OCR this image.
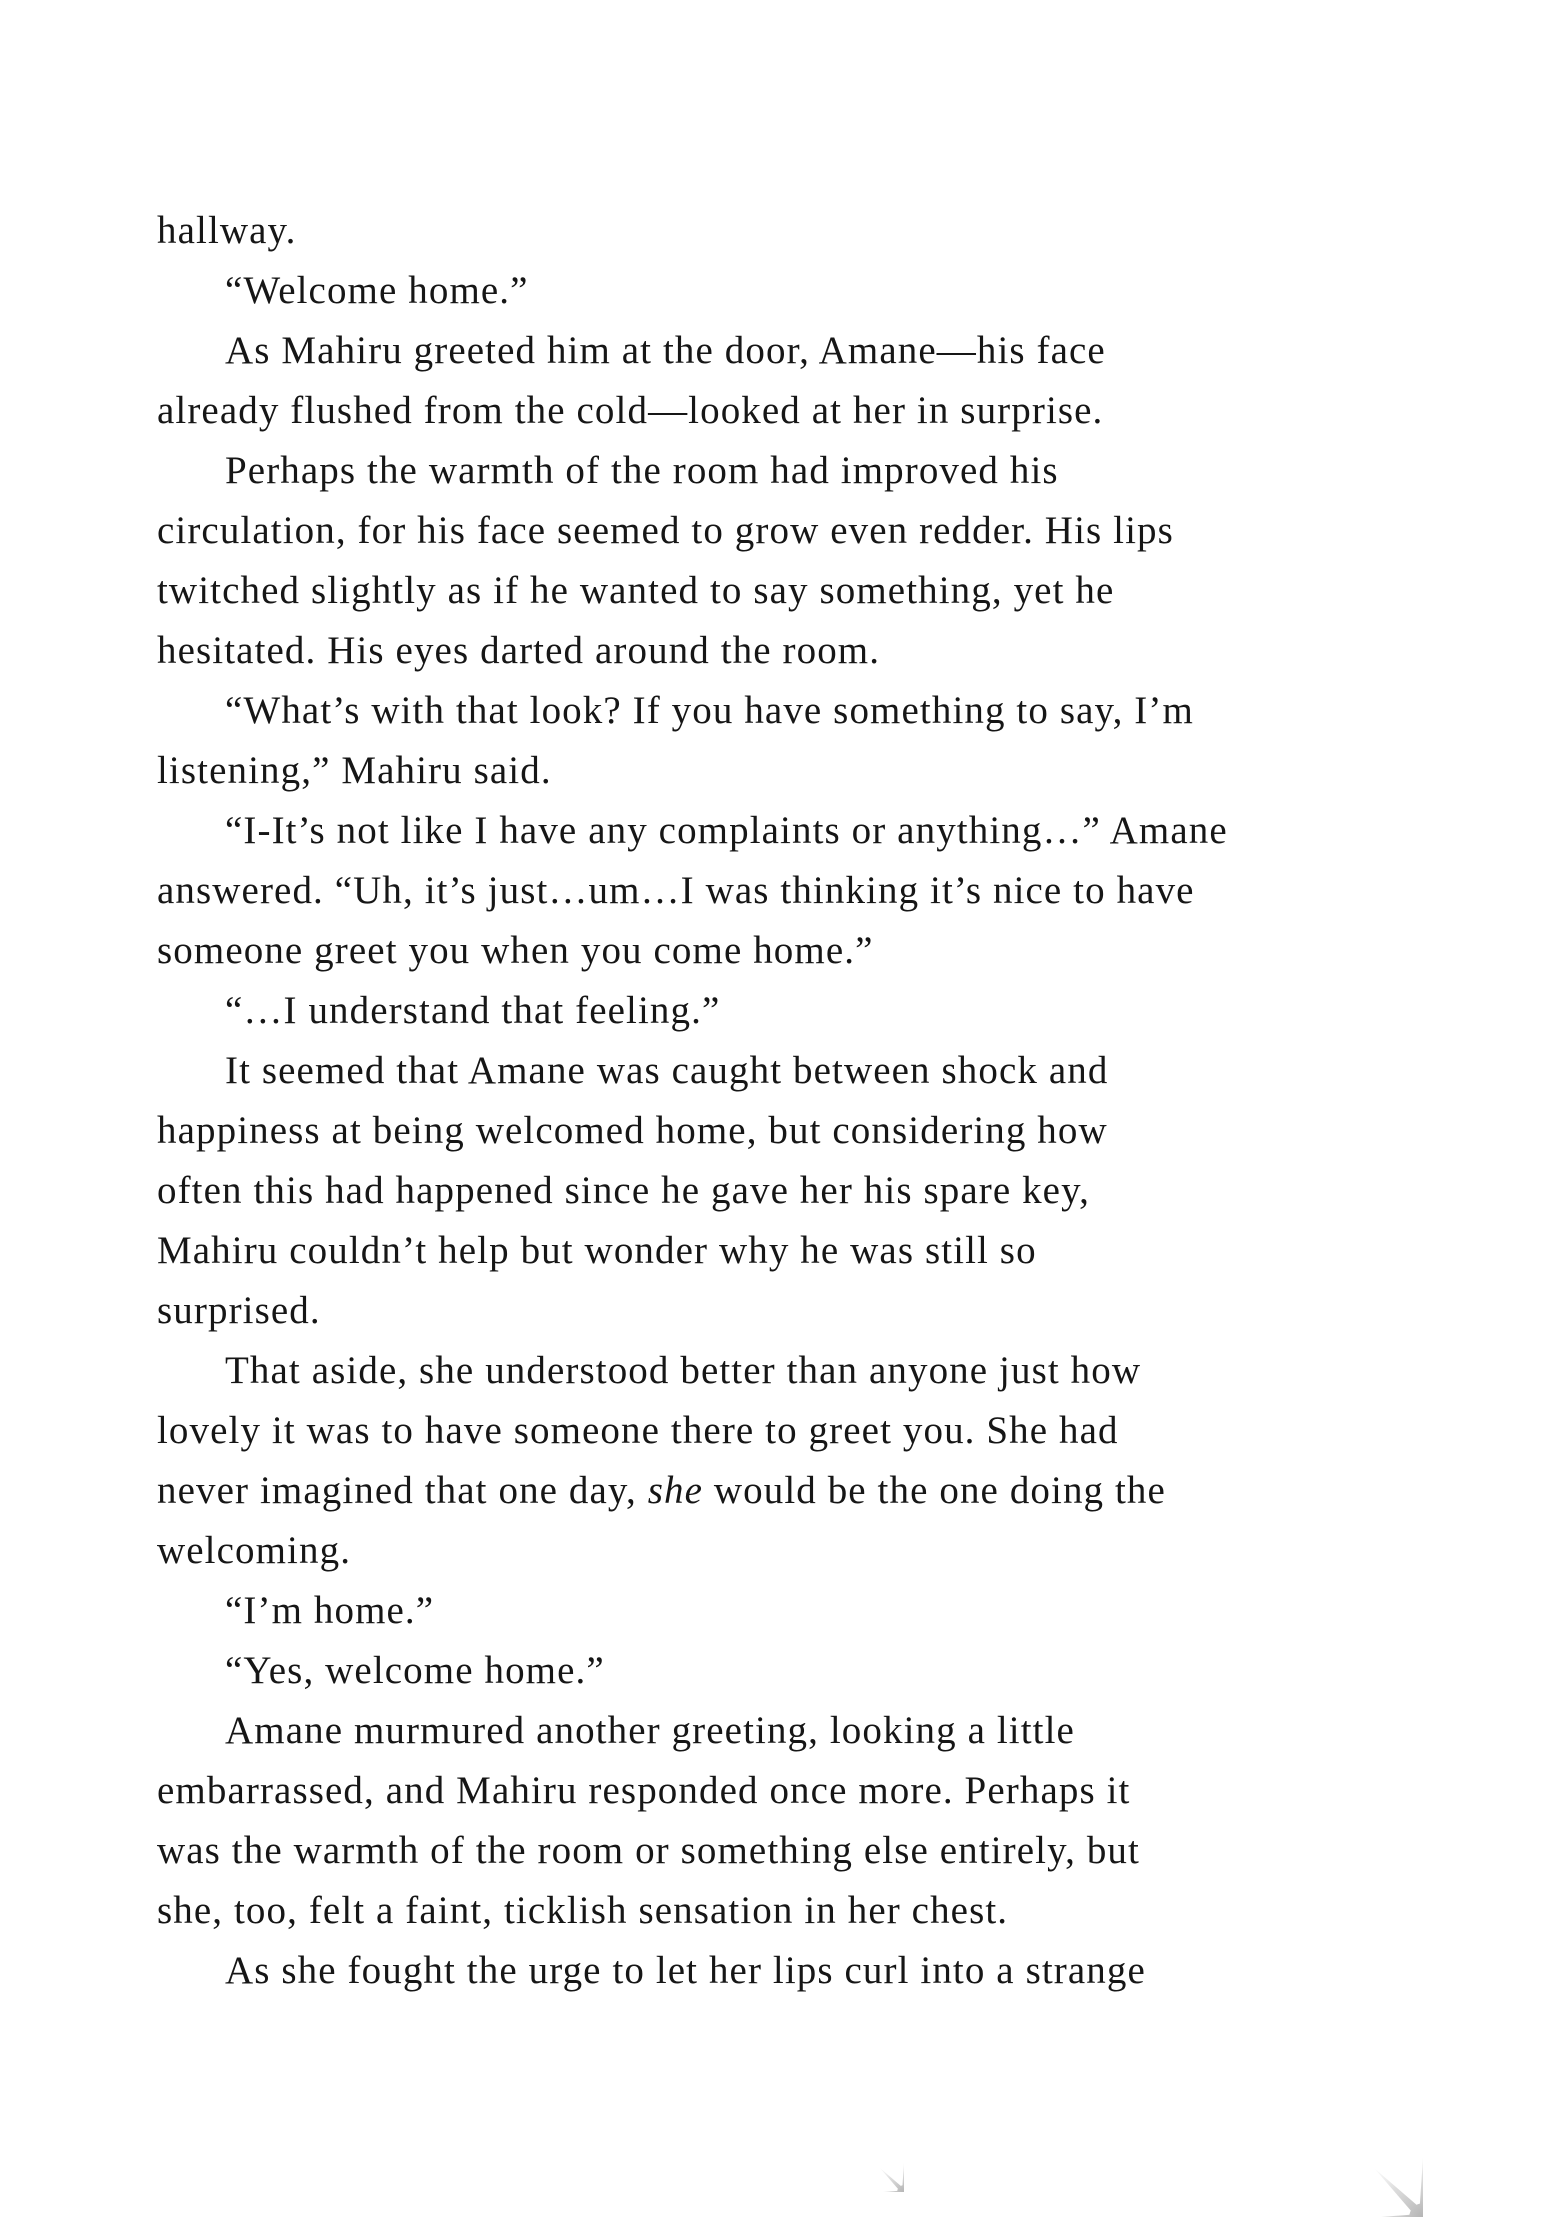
hallway.
“Welcome home.”
As Mahiru greeted him at the door, Amane—his face
already flushed from the cold—looked at her in surprise.
Perhaps the warmth of the room had improved his
circulation, for his face seemed to grow even redder. His lips
twitched slightly as if he wanted to say something, yet he
hesitated. His eyes darted around the room.
“What’s with that look? If you have something to say, I’m
listening,” Mahiru said.
“I-It’s not like I have any complaints or anything…” Amane
answered. “Uh, it’s just…um…I was thinking it’s nice to have
someone greet you when you come home.”
“…I understand that feeling.”
It seemed that Amane was caught between shock and
happiness at being welcomed home, but considering how
often this had happened since he gave her his spare key,
Mahiru couldn’t help but wonder why he was still so
surprised.
That aside, she understood better than anyone just how
lovely it was to have someone there to greet you. She had
never imagined that one day, she would be the one doing the
welcoming.
“I’m home.”
“Yes, welcome home.”
Amane murmured another greeting, looking a little
embarrassed, and Mahiru responded once more. Perhaps it
was the warmth of the room or something else entirely, but
she, too, felt a faint, ticklish sensation in her chest.
As she fought the urge to let her lips curl into a strange
